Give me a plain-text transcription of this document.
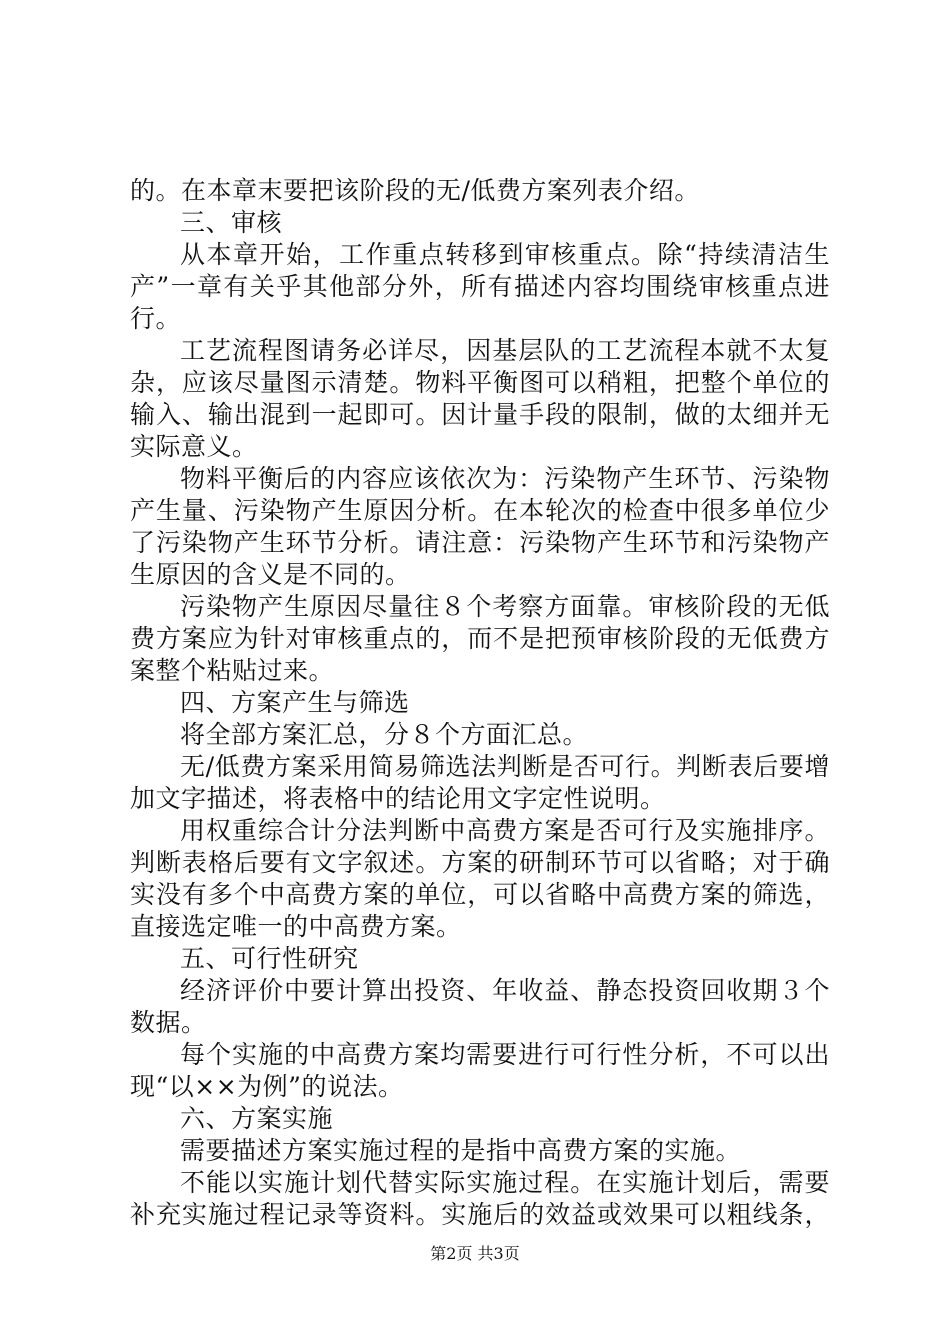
的。在本章末要把该阶段的无/低费方案列表介绍。
三、审核
从本章开始，工作重点转移到审核重点。除“持续清洁生
产”一章有关乎其他部分外，所有描述内容均围绕审核重点进
行。
工艺流程图请务必详尽，因基层队的工艺流程本就不太复
杂，应该尽量图示清楚。物料平衡图可以稍粗，把整个单位的
输入、输出混到一起即可。因计量手段的限制，做的太细并无
实际意义。
物料平衡后的内容应该依次为：污染物产生环节、污染物
产生量、污染物产生原因分析。在本轮次的检查中很多单位少
了污染物产生环节分析。请注意：污染物产生环节和污染物产
生原因的含义是不同的。
污染物产生原因尽量往８个考察方面靠。审核阶段的无低
费方案应为针对审核重点的，而不是把预审核阶段的无低费方
案整个粘贴过来。
四、方案产生与筛选
将全部方案汇总，分８个方面汇总。
无/低费方案采用简易筛选法判断是否可行。判断表后要增
加文字描述，将表格中的结论用文字定性说明。
用权重综合计分法判断中高费方案是否可行及实施排序。
判断表格后要有文字叙述。方案的研制环节可以省略；对于确
实没有多个中高费方案的单位，可以省略中高费方案的筛选，
直接选定唯一的中高费方案。
五、可行性研究
经济评价中要计算出投资、年收益、静态投资回收期３个
数据。
每个实施的中高费方案均需要进行可行性分析，不可以出
现“以××为例”的说法。
六、方案实施
需要描述方案实施过程的是指中高费方案的实施。
不能以实施计划代替实际实施过程。在实施计划后，需要
补充实施过程记录等资料。实施后的效益或效果可以粗线条，
第2页 共3页
